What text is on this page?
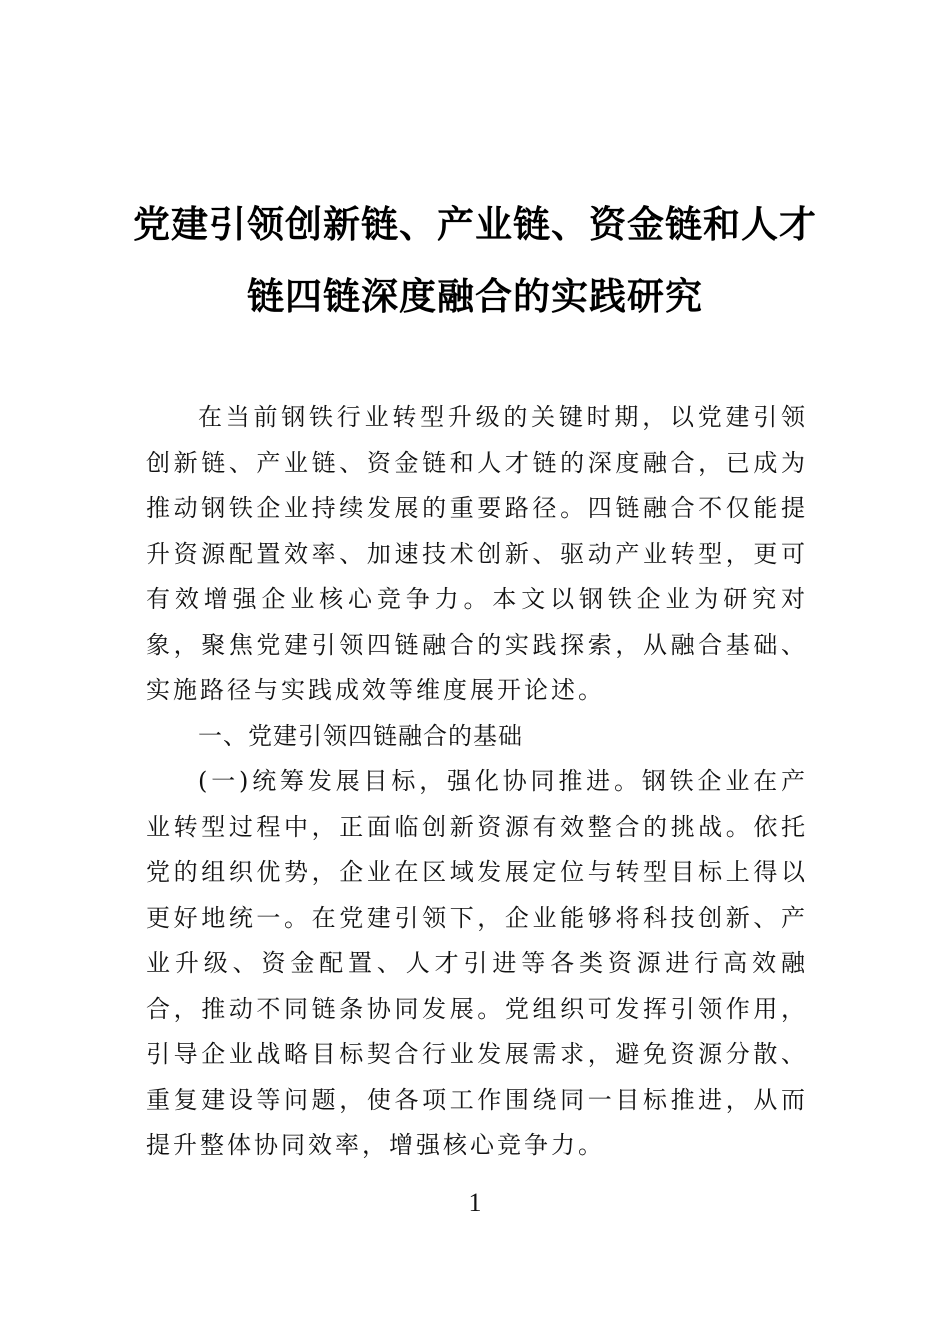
党建引领创新链、产业链、资金链和人才
链四链深度融合的实践研究

在当前钢铁行业转型升级的关键时期，以党建引领创新链、产业链、资金链和人才链的深度融合，已成为推动钢铁企业持续发展的重要路径。四链融合不仅能提升资源配置效率、加速技术创新、驱动产业转型，更可有效增强企业核心竞争力。本文以钢铁企业为研究对象，聚焦党建引领四链融合的实践探索，从融合基础、实施路径与实践成效等维度展开论述。

一、党建引领四链融合的基础

(一)统筹发展目标，强化协同推进。钢铁企业在产业转型过程中，正面临创新资源有效整合的挑战。依托党的组织优势，企业在区域发展定位与转型目标上得以更好地统一。在党建引领下，企业能够将科技创新、产业升级、资金配置、人才引进等各类资源进行高效融合，推动不同链条协同发展。党组织可发挥引领作用，引导企业战略目标契合行业发展需求，避免资源分散、重复建设等问题，使各项工作围绕同一目标推进，从而提升整体协同效率，增强核心竞争力。

1
